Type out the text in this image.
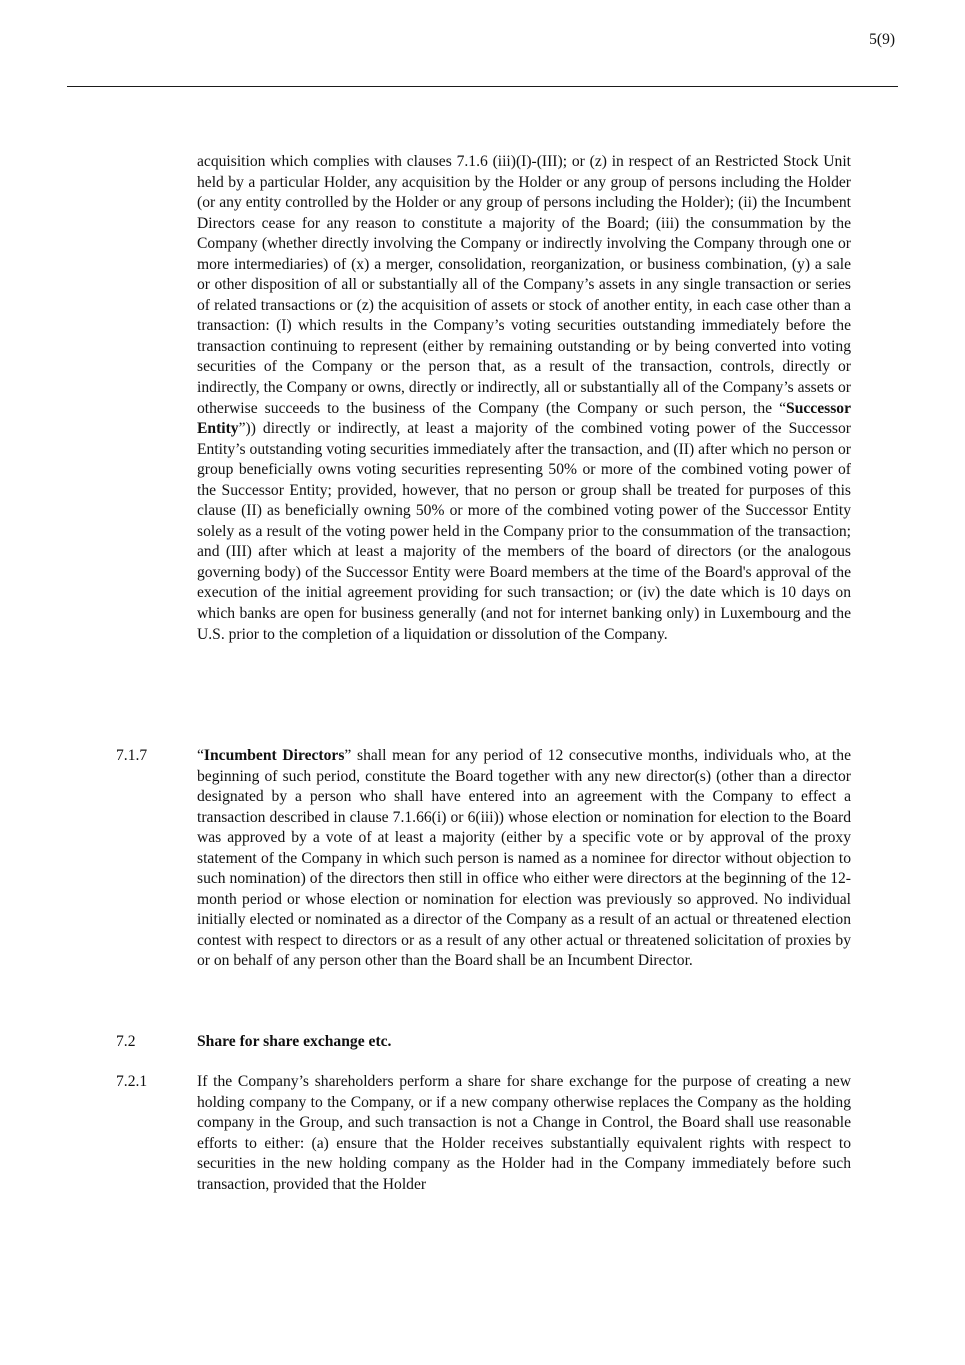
5(9)

acquisition which complies with clauses 7.1.6 (iii)(I)-(III); or (z) in respect of an Restricted Stock Unit held by a particular Holder, any acquisition by the Holder or any group of persons including the Holder (or any entity controlled by the Holder or any group of persons including the Holder); (ii) the Incumbent Directors cease for any reason to constitute a majority of the Board; (iii) the consummation by the Company (whether directly involving the Company or indirectly involving the Company through one or more intermediaries) of (x) a merger, consolidation, reorganization, or business combination, (y) a sale or other disposition of all or substantially all of the Company’s assets in any single transaction or series of related transactions or (z) the acquisition of assets or stock of another entity, in each case other than a transaction: (I) which results in the Company’s voting securities outstanding immediately before the transaction continuing to represent (either by remaining outstanding or by being converted into voting securities of the Company or the person that, as a result of the transaction, controls, directly or indirectly, the Company or owns, directly or indirectly, all or substantially all of the Company’s assets or otherwise succeeds to the business of the Company (the Company or such person, the “Successor Entity”)) directly or indirectly, at least a majority of the combined voting power of the Successor Entity’s outstanding voting securities immediately after the transaction, and (II) after which no person or group beneficially owns voting securities representing 50% or more of the combined voting power of the Successor Entity; provided, however, that no person or group shall be treated for purposes of this clause (II) as beneficially owning 50% or more of the combined voting power of the Successor Entity solely as a result of the voting power held in the Company prior to the consummation of the transaction; and (III) after which at least a majority of the members of the board of directors (or the analogous governing body) of the Successor Entity were Board members at the time of the Board's approval of the execution of the initial agreement providing for such transaction; or (iv) the date which is 10 days on which banks are open for business generally (and not for internet banking only) in Luxembourg and the U.S. prior to the completion of a liquidation or dissolution of the Company.

7.1.7	“Incumbent Directors” shall mean for any period of 12 consecutive months, individuals who, at the beginning of such period, constitute the Board together with any new director(s) (other than a director designated by a person who shall have entered into an agreement with the Company to effect a transaction described in clause 7.1.66(i) or 6(iii)) whose election or nomination for election to the Board was approved by a vote of at least a majority (either by a specific vote or by approval of the proxy statement of the Company in which such person is named as a nominee for director without objection to such nomination) of the directors then still in office who either were directors at the beginning of the 12-month period or whose election or nomination for election was previously so approved. No individual initially elected or nominated as a director of the Company as a result of an actual or threatened election contest with respect to directors or as a result of any other actual or threatened solicitation of proxies by or on behalf of any person other than the Board shall be an Incumbent Director.

7.2	Share for share exchange etc.
7.2.1	If the Company’s shareholders perform a share for share exchange for the purpose of creating a new holding company to the Company, or if a new company otherwise replaces the Company as the holding company in the Group, and such transaction is not a Change in Control, the Board shall use reasonable efforts to either: (a) ensure that the Holder receives substantially equivalent rights with respect to securities in the new holding company as the Holder had in the Company immediately before such transaction, provided that the Holder
